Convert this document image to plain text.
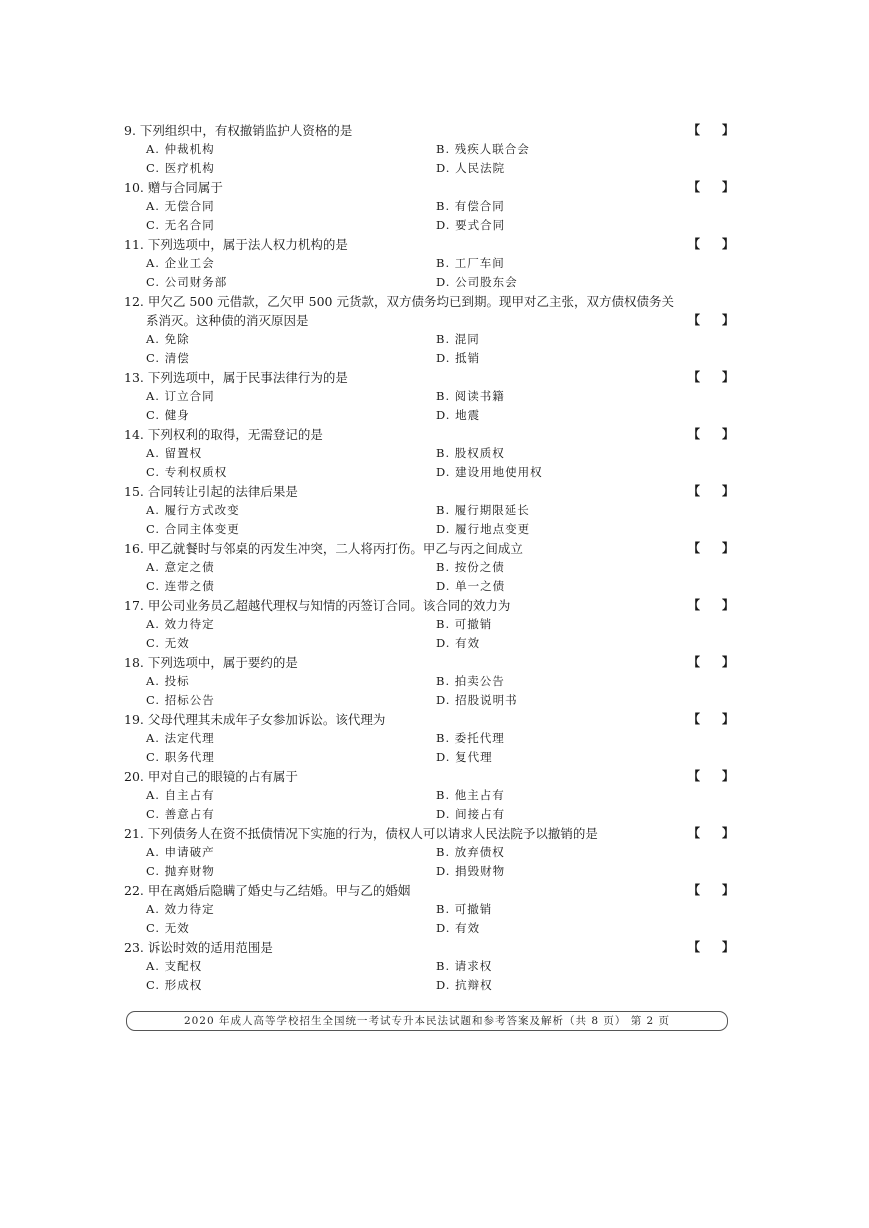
9. 下列组织中，有权撤销监护人资格的是	【 】
A. 仲裁机构	B. 残疾人联合会
C. 医疗机构	D. 人民法院
10. 赠与合同属于	【 】
A. 无偿合同	B. 有偿合同
C. 无名合同	D. 要式合同
11. 下列选项中，属于法人权力机构的是	【 】
A. 企业工会	B. 工厂车间
C. 公司财务部	D. 公司股东会
12. 甲欠乙 500 元借款，乙欠甲 500 元货款，双方债务均已到期。现甲对乙主张，双方债权债务关
系消灭。这种债的消灭原因是	【 】
A. 免除	B. 混同
C. 清偿	D. 抵销
13. 下列选项中，属于民事法律行为的是	【 】
A. 订立合同	B. 阅读书籍
C. 健身	D. 地震
14. 下列权利的取得，无需登记的是	【 】
A. 留置权	B. 股权质权
C. 专利权质权	D. 建设用地使用权
15. 合同转让引起的法律后果是	【 】
A. 履行方式改变	B. 履行期限延长
C. 合同主体变更	D. 履行地点变更
16. 甲乙就餐时与邻桌的丙发生冲突，二人将丙打伤。甲乙与丙之间成立	【 】
A. 意定之债	B. 按份之债
C. 连带之债	D. 单一之债
17. 甲公司业务员乙超越代理权与知情的丙签订合同。该合同的效力为	【 】
A. 效力待定	B. 可撤销
C. 无效	D. 有效
18. 下列选项中，属于要约的是	【 】
A. 投标	B. 拍卖公告
C. 招标公告	D. 招股说明书
19. 父母代理其未成年子女参加诉讼。该代理为	【 】
A. 法定代理	B. 委托代理
C. 职务代理	D. 复代理
20. 甲对自己的眼镜的占有属于	【 】
A. 自主占有	B. 他主占有
C. 善意占有	D. 间接占有
21. 下列债务人在资不抵债情况下实施的行为，债权人可以请求人民法院予以撤销的是	【 】
A. 申请破产	B. 放弃债权
C. 抛弃财物	D. 捐毁财物
22. 甲在离婚后隐瞒了婚史与乙结婚。甲与乙的婚姻	【 】
A. 效力待定	B. 可撤销
C. 无效	D. 有效
23. 诉讼时效的适用范围是	【 】
A. 支配权	B. 请求权
C. 形成权	D. 抗辩权
2020 年成人高等学校招生全国统一考试专升本民法试题和参考答案及解析（共 8 页） 第 2 页
